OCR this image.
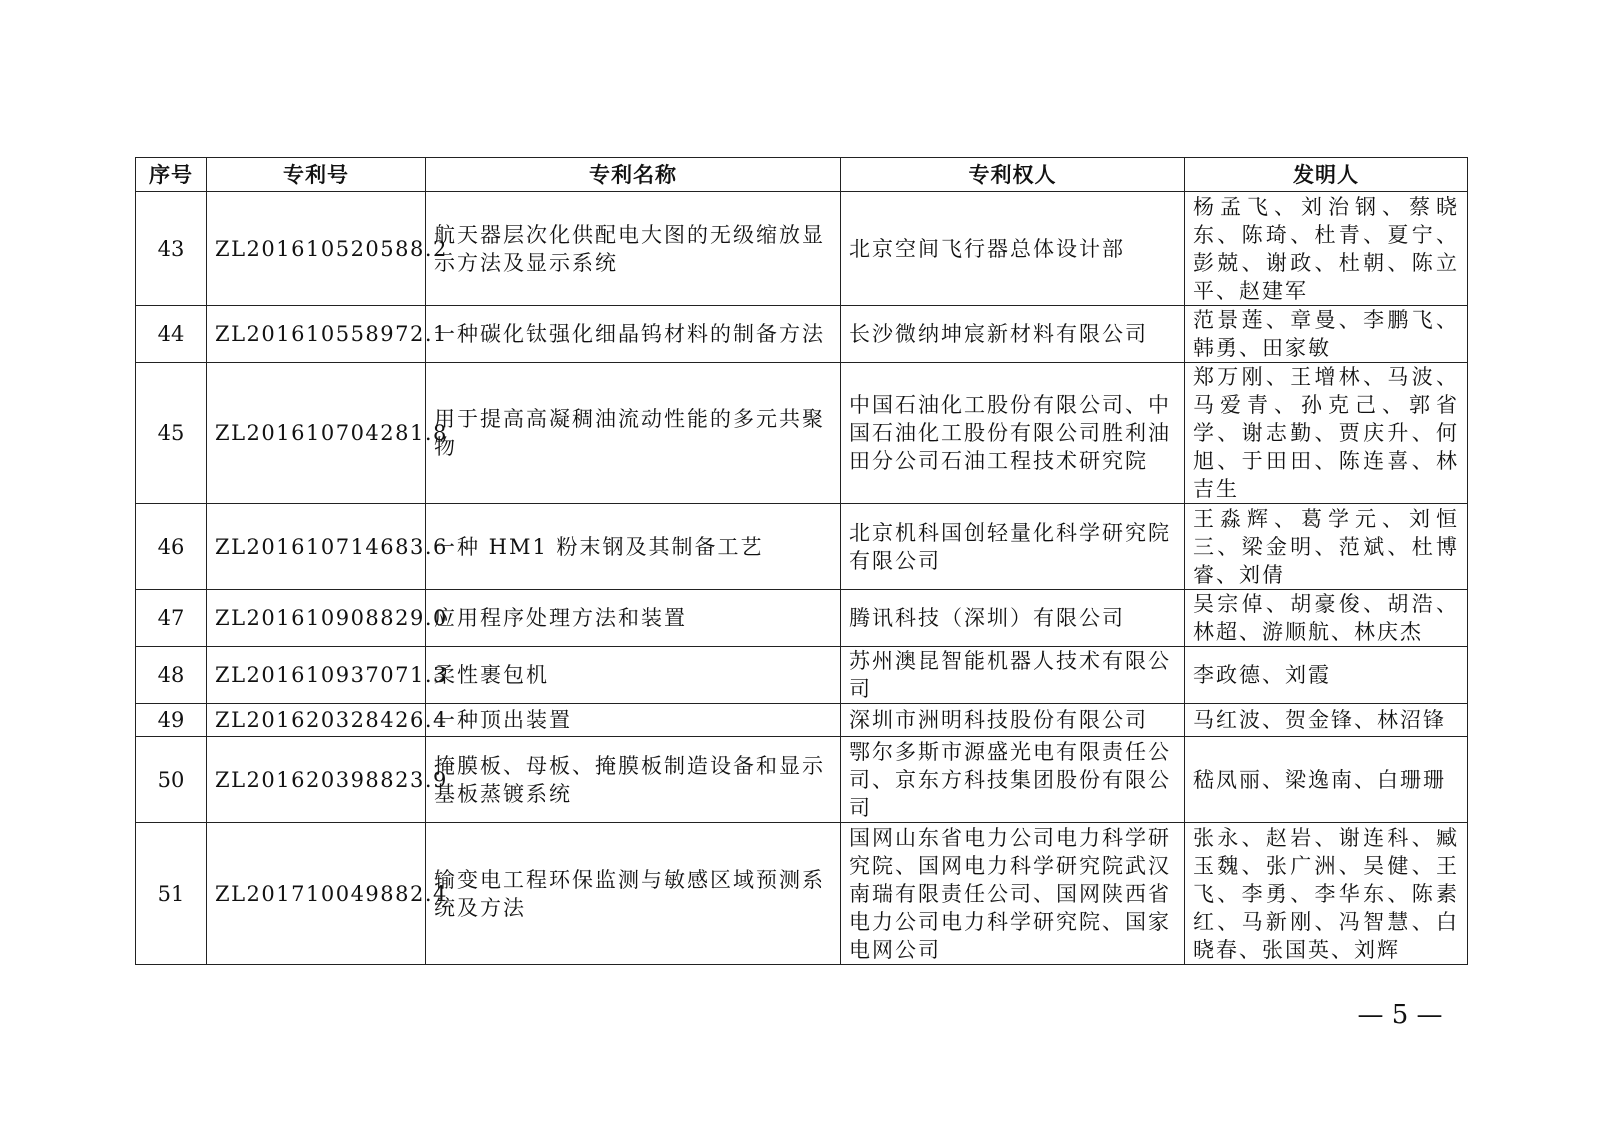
序号	专利号	专利名称	专利权人	发明人
43	ZL201610520588.2	航天器层次化供配电大图的无级缩放显示方法及显示系统	北京空间飞行器总体设计部	杨孟飞、刘治钢、蔡晓东、陈琦、杜青、夏宁、彭兢、谢政、杜朝、陈立平、赵建军
44	ZL201610558972.1	一种碳化钛强化细晶钨材料的制备方法	长沙微纳坤宸新材料有限公司	范景莲、章曼、李鹏飞、韩勇、田家敏
45	ZL201610704281.8	用于提高高凝稠油流动性能的多元共聚物	中国石油化工股份有限公司、中国石油化工股份有限公司胜利油田分公司石油工程技术研究院	郑万刚、王增林、马波、马爱青、孙克己、郭省学、谢志勤、贾庆升、何旭、于田田、陈连喜、林吉生
46	ZL201610714683.6	一种 HM1 粉末钢及其制备工艺	北京机科国创轻量化科学研究院有限公司	王淼辉、葛学元、刘恒三、梁金明、范斌、杜博睿、刘倩
47	ZL201610908829.0	应用程序处理方法和装置	腾讯科技（深圳）有限公司	吴宗倬、胡豪俊、胡浩、林超、游顺航、林庆杰
48	ZL201610937071.3	柔性裹包机	苏州澳昆智能机器人技术有限公司	李政德、刘霞
49	ZL201620328426.4	一种顶出装置	深圳市洲明科技股份有限公司	马红波、贺金锋、林沼锋
50	ZL201620398823.9	掩膜板、母板、掩膜板制造设备和显示基板蒸镀系统	鄂尔多斯市源盛光电有限责任公司、京东方科技集团股份有限公司	嵇凤丽、梁逸南、白珊珊
51	ZL201710049882.4	输变电工程环保监测与敏感区域预测系统及方法	国网山东省电力公司电力科学研究院、国网电力科学研究院武汉南瑞有限责任公司、国网陕西省电力公司电力科学研究院、国家电网公司	张永、赵岩、谢连科、臧玉魏、张广洲、吴健、王飞、李勇、李华东、陈素红、马新刚、冯智慧、白晓春、张国英、刘辉
— 5 —
